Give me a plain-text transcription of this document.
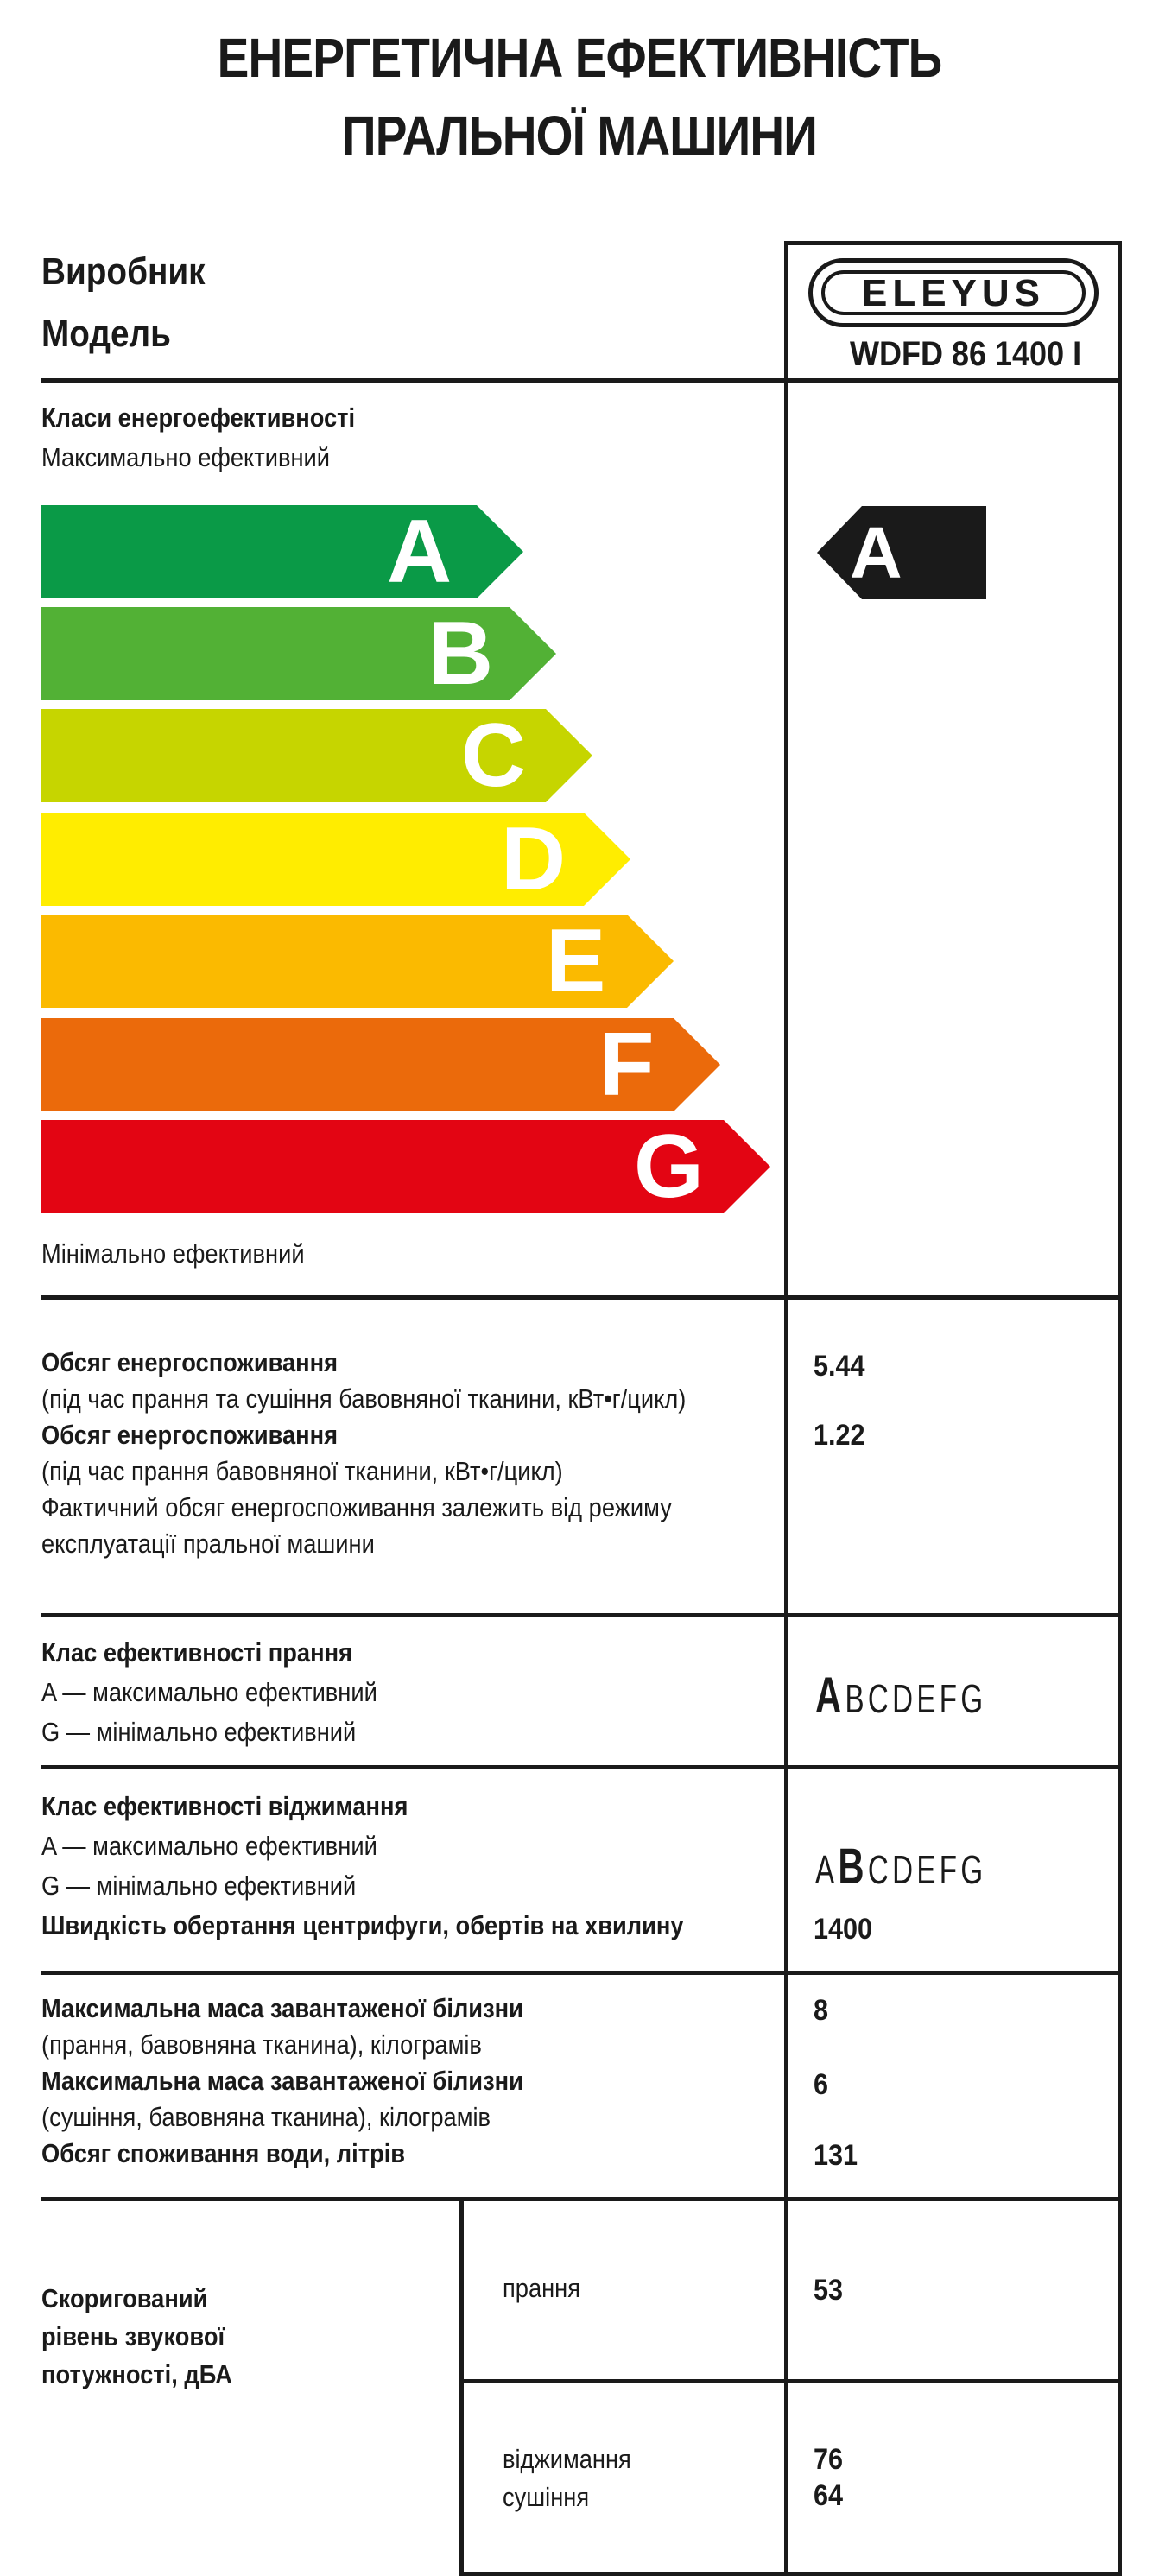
ЕНЕРГЕТИЧНА ЕФЕКТИВНІСТЬ
ПРАЛЬНОЇ МАШИНИ
Виробник
Модель
ELEYUS
WDFD 86 1400 I
Класи енергоефективності
Максимально ефективний
A
B
C
D
E
F
G
A
Мінімально ефективний
Обсяг енергоспоживання
(під час прання та сушіння бавовняної тканини, кВт•г/цикл)
Обсяг енергоспоживання
(під час прання бавовняної тканини, кВт•г/цикл)
Фактичний обсяг енергоспоживання залежить від режиму
експлуатації пральної машини
5.44
1.22
Клас ефективності прання
A — максимально ефективний
G — мінімально ефективний
ABCDEFG
Клас ефективності віджимання
A — максимально ефективний
G — мінімально ефективний
Швидкість обертання центрифуги, обертів на хвилину
ABCDEFG
1400
Максимальна маса завантаженої білизни
(прання, бавовняна тканина), кілограмів
Максимальна маса завантаженої білизни
(сушіння, бавовняна тканина), кілограмів
Обсяг споживання води, літрів
8
6
131
Скоригований
рівень звукової
потужності, дБА
прання	53
віджимання
сушіння
76
64
